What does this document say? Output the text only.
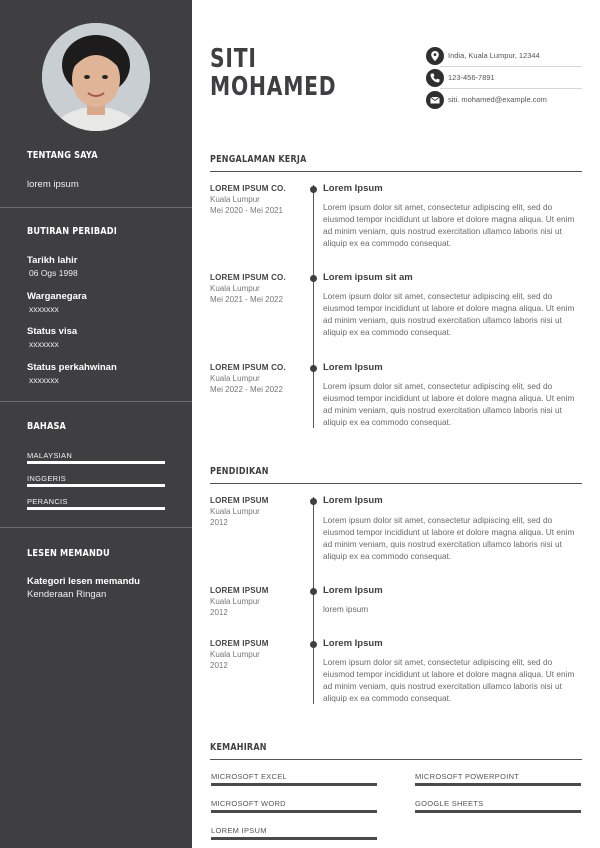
TENTANG SAYA
lorem ipsum
BUTIRAN PERIBADI
Tarikh lahir
06 Ogs 1998
Warganegara
xxxxxxx
Status visa
xxxxxxx
Status perkahwinan
xxxxxxx
BAHASA
MALAYSIAN
INGGERIS
PERANCIS
LESEN MEMANDU
Kategori lesen memandu
Kenderaan Ringan
SITI
MOHAMED
India, Kuala Lumpur, 12344
123-456-7891
siti. mohamed@example.com
PENGALAMAN KERJA
LOREM IPSUM CO.
Kuala Lumpur
Mei 2020 - Mei 2021
Lorem Ipsum
Lorem ipsum dolor sit amet, consectetur adipiscing elit, sed do eiusmod tempor incididunt ut labore et dolore magna aliqua. Ut enim ad minim veniam, quis nostrud exercitation ullamco laboris nisi ut aliquip ex ea commodo consequat.
LOREM IPSUM CO.
Kuala Lumpur
Mei 2021 - Mei 2022
Lorem ipsum sit am
Lorem ipsum dolor sit amet, consectetur adipiscing elit, sed do eiusmod tempor incididunt ut labore et dolore magna aliqua. Ut enim ad minim veniam, quis nostrud exercitation ullamco laboris nisi ut aliquip ex ea commodo consequat.
LOREM IPSUM CO.
Kuala Lumpur
Mei 2022 - Mei 2022
Lorem Ipsum
Lorem ipsum dolor sit amet, consectetur adipiscing elit, sed do eiusmod tempor incididunt ut labore et dolore magna aliqua. Ut enim ad minim veniam, quis nostrud exercitation ullamco laboris nisi ut aliquip ex ea commodo consequat.
PENDIDIKAN
LOREM IPSUM
Kuala Lumpur
2012
Lorem Ipsum
Lorem ipsum dolor sit amet, consectetur adipiscing elit, sed do eiusmod tempor incididunt ut labore et dolore magna aliqua. Ut enim ad minim veniam, quis nostrud exercitation ullamco laboris nisi ut aliquip ex ea commodo consequat.
LOREM IPSUM
Kuala Lumpur
2012
Lorem Ipsum
lorem ipsum
LOREM IPSUM
Kuala Lumpur
2012
Lorem Ipsum
Lorem ipsum dolor sit amet, consectetur adipiscing elit, sed do eiusmod tempor incididunt ut labore et dolore magna aliqua. Ut enim ad minim veniam, quis nostrud exercitation ullamco laboris nisi ut aliquip ex ea commodo consequat.
KEMAHIRAN
MICROSOFT EXCEL	MICROSOFT POWERPOINT
MICROSOFT WORD	GOOGLE SHEETS
LOREM IPSUM
